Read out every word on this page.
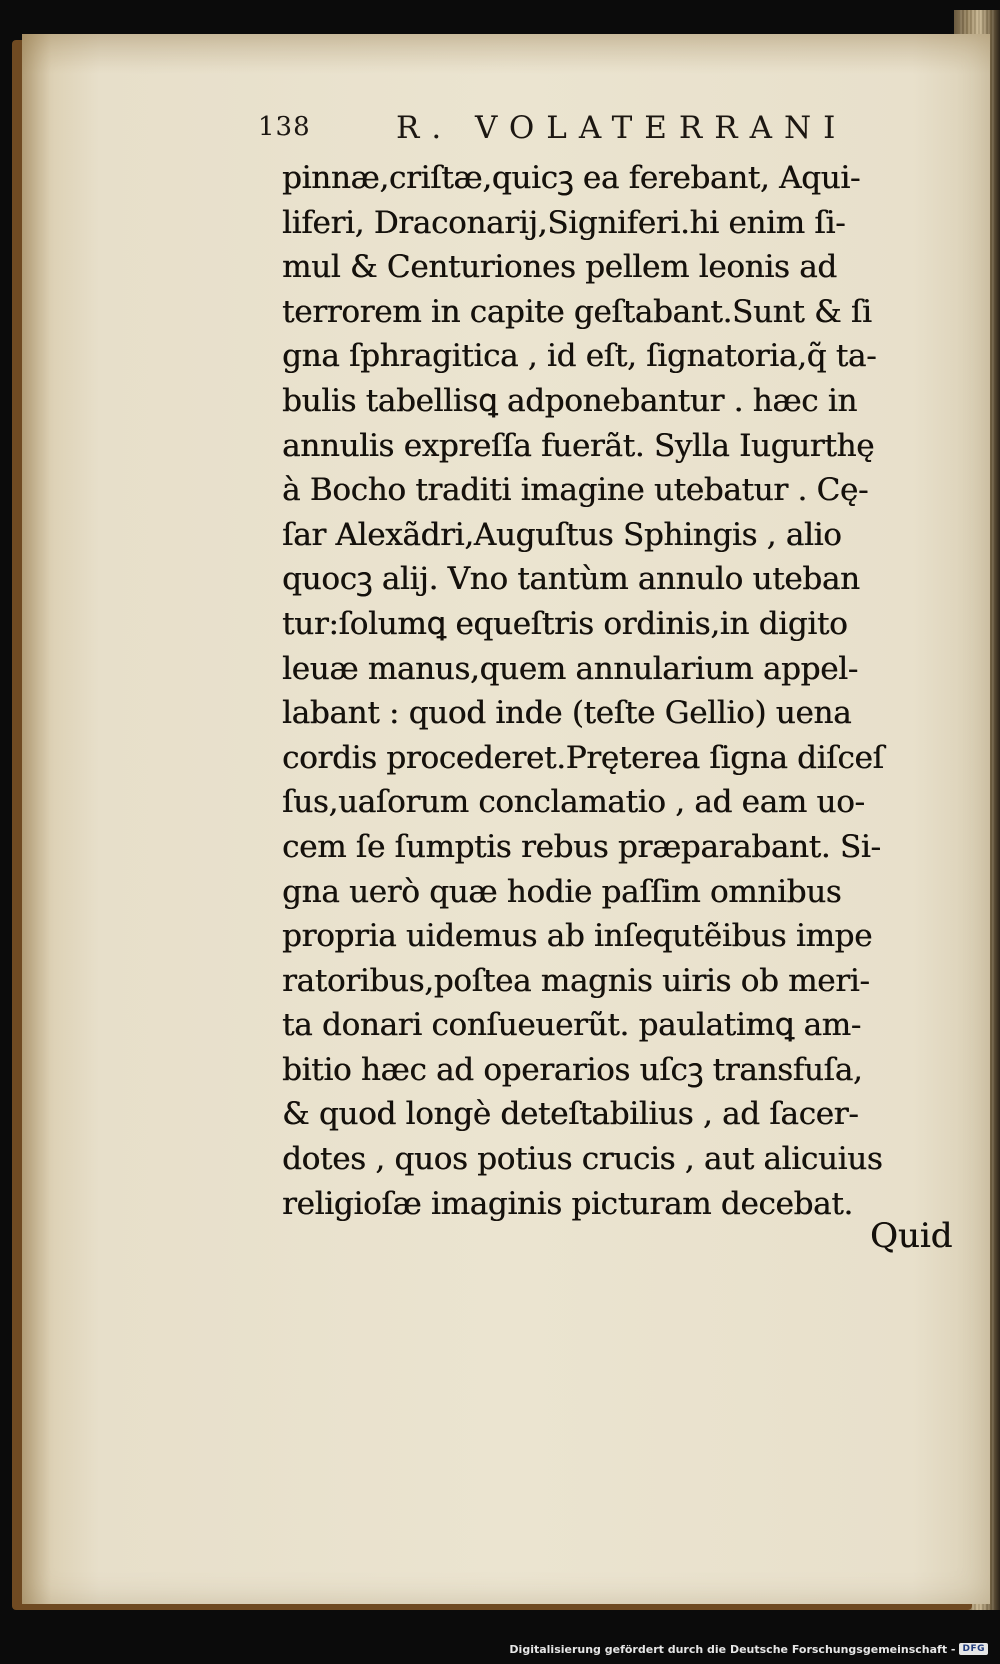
138	R. VOLATERRANI
pinnæ,criſtæ,quicꝫ ea ferebant, Aqui-
liferi, Draconarij,Signiferi.hi enim ſi-
mul & Centuriones pellem leonis ad
terrorem in capite geſtabant.Sunt & ſi
gna ſphragitica , id eſt, ſignatoria,q̃ ta-
bulis tabellisꝗ adponebantur . hæc in
annulis expreſſa fuerãt. Sylla Iugurthę
à Bocho traditi imagine utebatur . Cę-
ſar Alexãdri,Auguſtus Sphingis , alio
quocꝫ alij. Vno tantùm annulo uteban
tur:ſolumꝗ equeſtris ordinis,in digito
leuæ manus,quem annularium appel-
labant : quod inde (teſte Gellio) uena
cordis procederet.Prętereа ſigna diſceſ
ſus,uaſorum conclamatio , ad eam uo-
cem ſe ſumptis rebus præparabant. Si-
gna uerò quæ hodie paſſim omnibus
propria uidemus ab inſequtẽibus impe
ratoribus,poſtea magnis uiris ob meri-
ta donari conſueuerũt. paulatimꝗ am-
bitio hæc ad operarios uſcꝫ transfuſa,
& quod longè deteſtabilius , ad ſacer-
dotes , quos potius crucis , aut alicuius
religioſæ imaginis picturam decebat.
Quid
Digitalisierung gefördert durch die Deutsche Forschungsgemeinschaft - DFG
